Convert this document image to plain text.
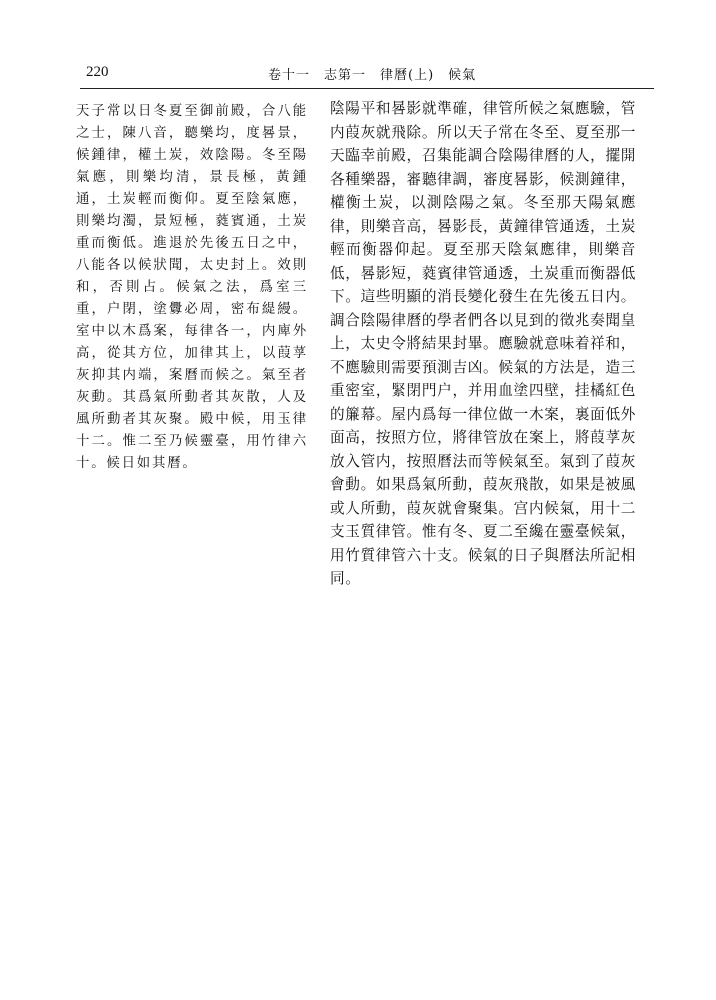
220	卷十一　志第一　律曆(上) 候氣
天子常以日冬夏至御前殿，合八能之士，陳八音，聽樂均，度晷景，候鍾律，權土炭，效陰陽。冬至陽氣應，則樂均清，景長極，黃鍾通，土炭輕而衡仰。夏至陰氣應，則樂均濁，景短極，蕤賓通，土炭重而衡低。進退於先後五日之中，八能各以候狀聞，太史封上。效則和，否則占。候氣之法，爲室三重，户閉，塗釁必周，密布緹縵。室中以木爲案，每律各一，内庳外高，從其方位，加律其上，以葭莩灰抑其内端，案曆而候之。氣至者灰動。其爲氣所動者其灰散，人及風所動者其灰聚。殿中候，用玉律十二。惟二至乃候靈臺，用竹律六十。候日如其曆。
陰陽平和晷影就準確，律管所候之氣應驗，管内葭灰就飛除。所以天子常在冬至、夏至那一天臨幸前殿，召集能調合陰陽律曆的人，擺開各種樂器，審聽律調，審度晷影，候測鐘律，權衡土炭，以測陰陽之氣。冬至那天陽氣應律，則樂音高，晷影長，黃鐘律管通透，土炭輕而衡器仰起。夏至那天陰氣應律，則樂音低，晷影短，蕤賓律管通透，土炭重而衡器低下。這些明顯的消長變化發生在先後五日内。調合陰陽律曆的學者們各以見到的徵兆奏聞皇上，太史令將結果封畢。應驗就意味着祥和，不應驗則需要預測吉凶。候氣的方法是，造三重密室，緊閉門户，并用血塗四壁，挂橘紅色的簾幕。屋内爲每一律位做一木案，裏面低外面高，按照方位，將律管放在案上，將葭莩灰放入管内，按照曆法而等候氣至。氣到了葭灰會動。如果爲氣所動，葭灰飛散，如果是被風或人所動，葭灰就會聚集。宫内候氣，用十二支玉質律管。惟有冬、夏二至纔在靈臺候氣，用竹質律管六十支。候氣的日子與曆法所記相同。
